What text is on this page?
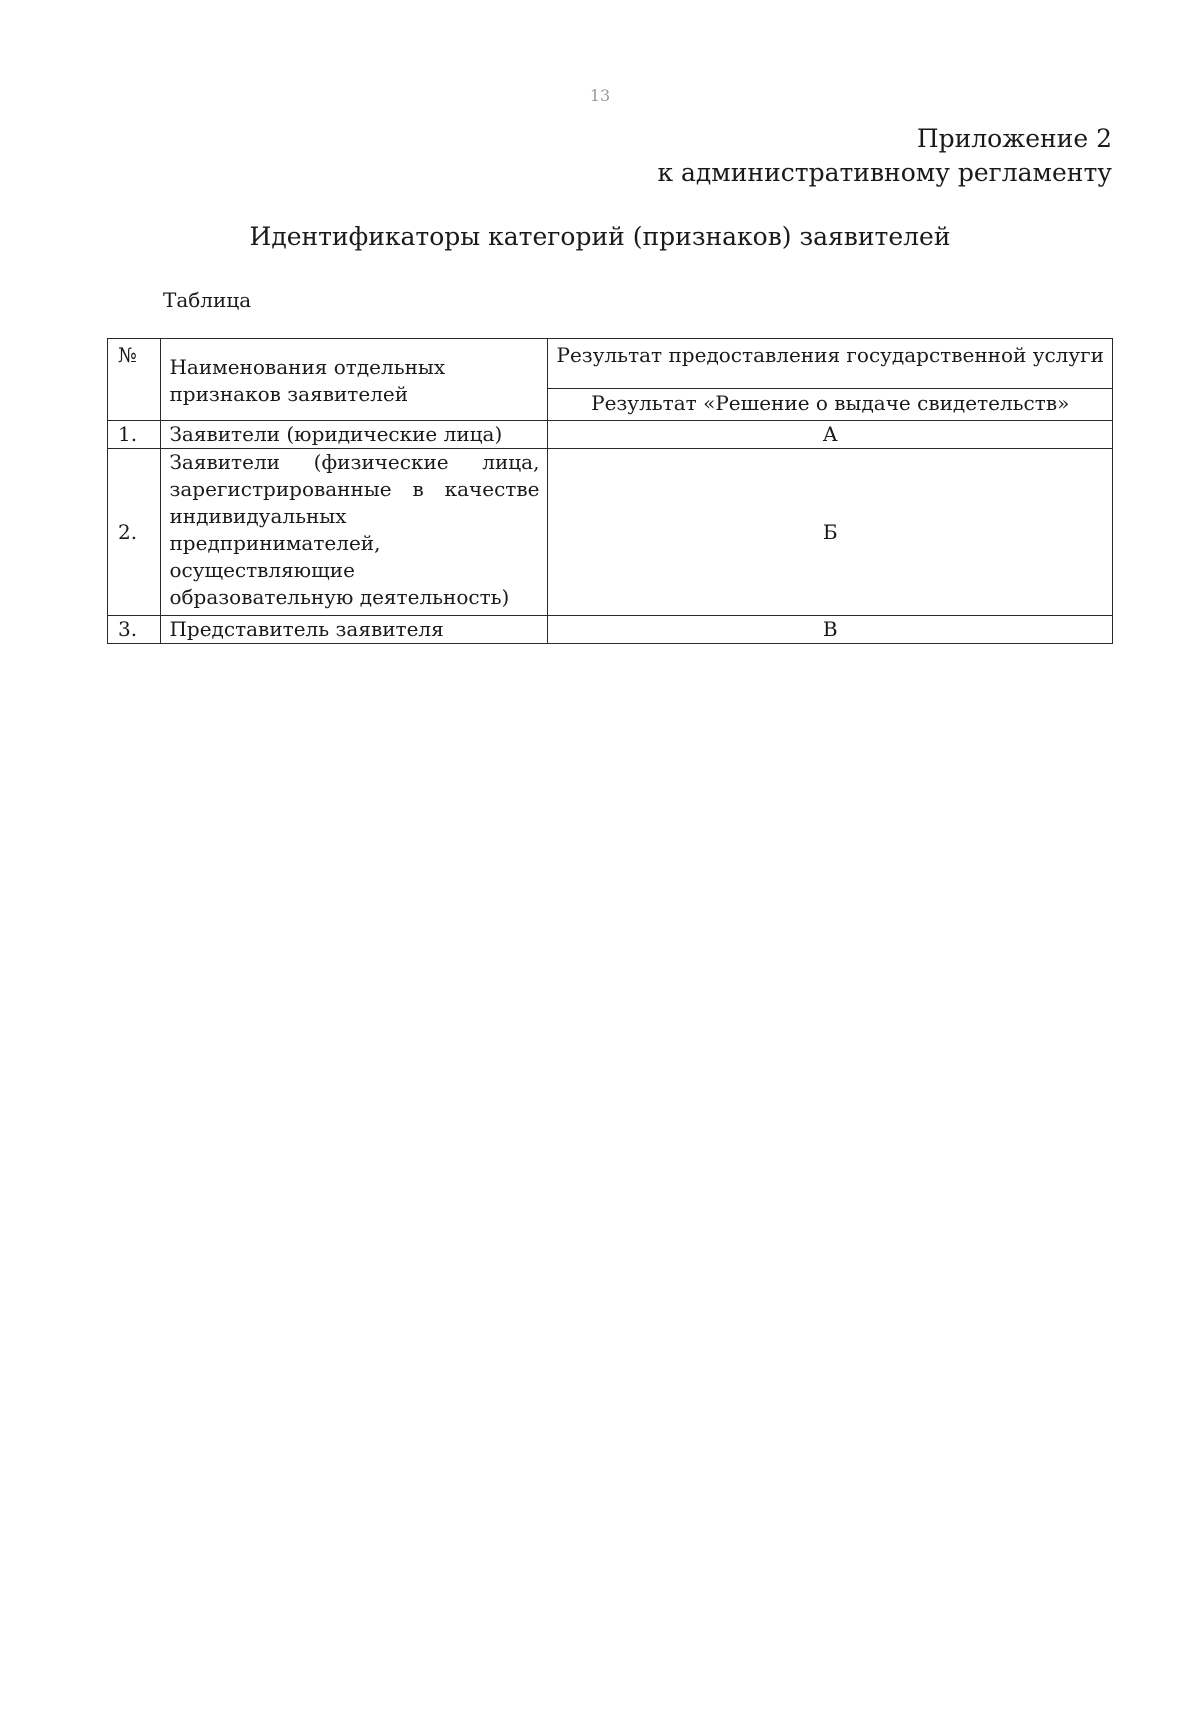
13
Приложение 2
к административному регламенту
Идентификаторы категорий (признаков) заявителей
Таблица
№	Наименования отдельных признаков заявителей	Результат предоставления государственной услуги
		Результат «Решение о выдаче свидетельств»
1.	Заявители (юридические лица)	А
2.	Заявители (физические лица, зарегистрированные в качестве индивидуальных предпринимателей, осуществляющие образовательную деятельность)	Б
3.	Представитель заявителя	В
